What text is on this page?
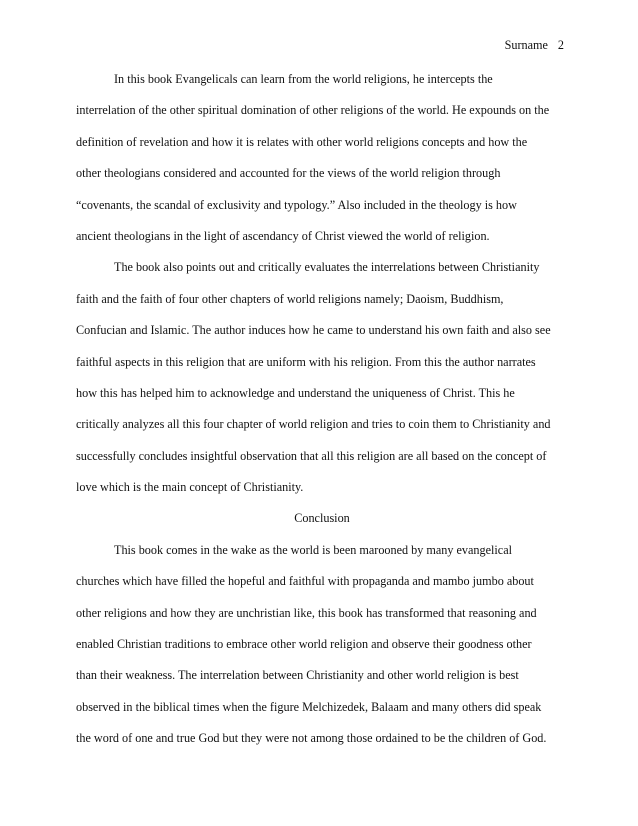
Surname 2
In this book Evangelicals can learn from the world religions, he intercepts the
interrelation of the other spiritual domination of other religions of the world. He expounds on the
definition of revelation and how it is relates with other world religions concepts and how the
other theologians considered and accounted for the views of the world religion through
“covenants, the scandal of exclusivity and typology.” Also included in the theology is how
ancient theologians in the light of ascendancy of Christ viewed the world of religion.
The book also points out and critically evaluates the interrelations between Christianity
faith and the faith of four other chapters of world religions namely; Daoism, Buddhism,
Confucian and Islamic. The author induces how he came to understand his own faith and also see
faithful aspects in this religion that are uniform with his religion. From this the author narrates
how this has helped him to acknowledge and understand the uniqueness of Christ. This he
critically analyzes all this four chapter of world religion and tries to coin them to Christianity and
successfully concludes insightful observation that all this religion are all based on the concept of
love which is the main concept of Christianity.
Conclusion
This book comes in the wake as the world is been marooned by many evangelical
churches which have filled the hopeful and faithful with propaganda and mambo jumbo about
other religions and how they are unchristian like, this book has transformed that reasoning and
enabled Christian traditions to embrace other world religion and observe their goodness other
than their weakness. The interrelation between Christianity and other world religion is best
observed in the biblical times when the figure Melchizedek, Balaam and many others did speak
the word of one and true God but they were not among those ordained to be the children of God.
